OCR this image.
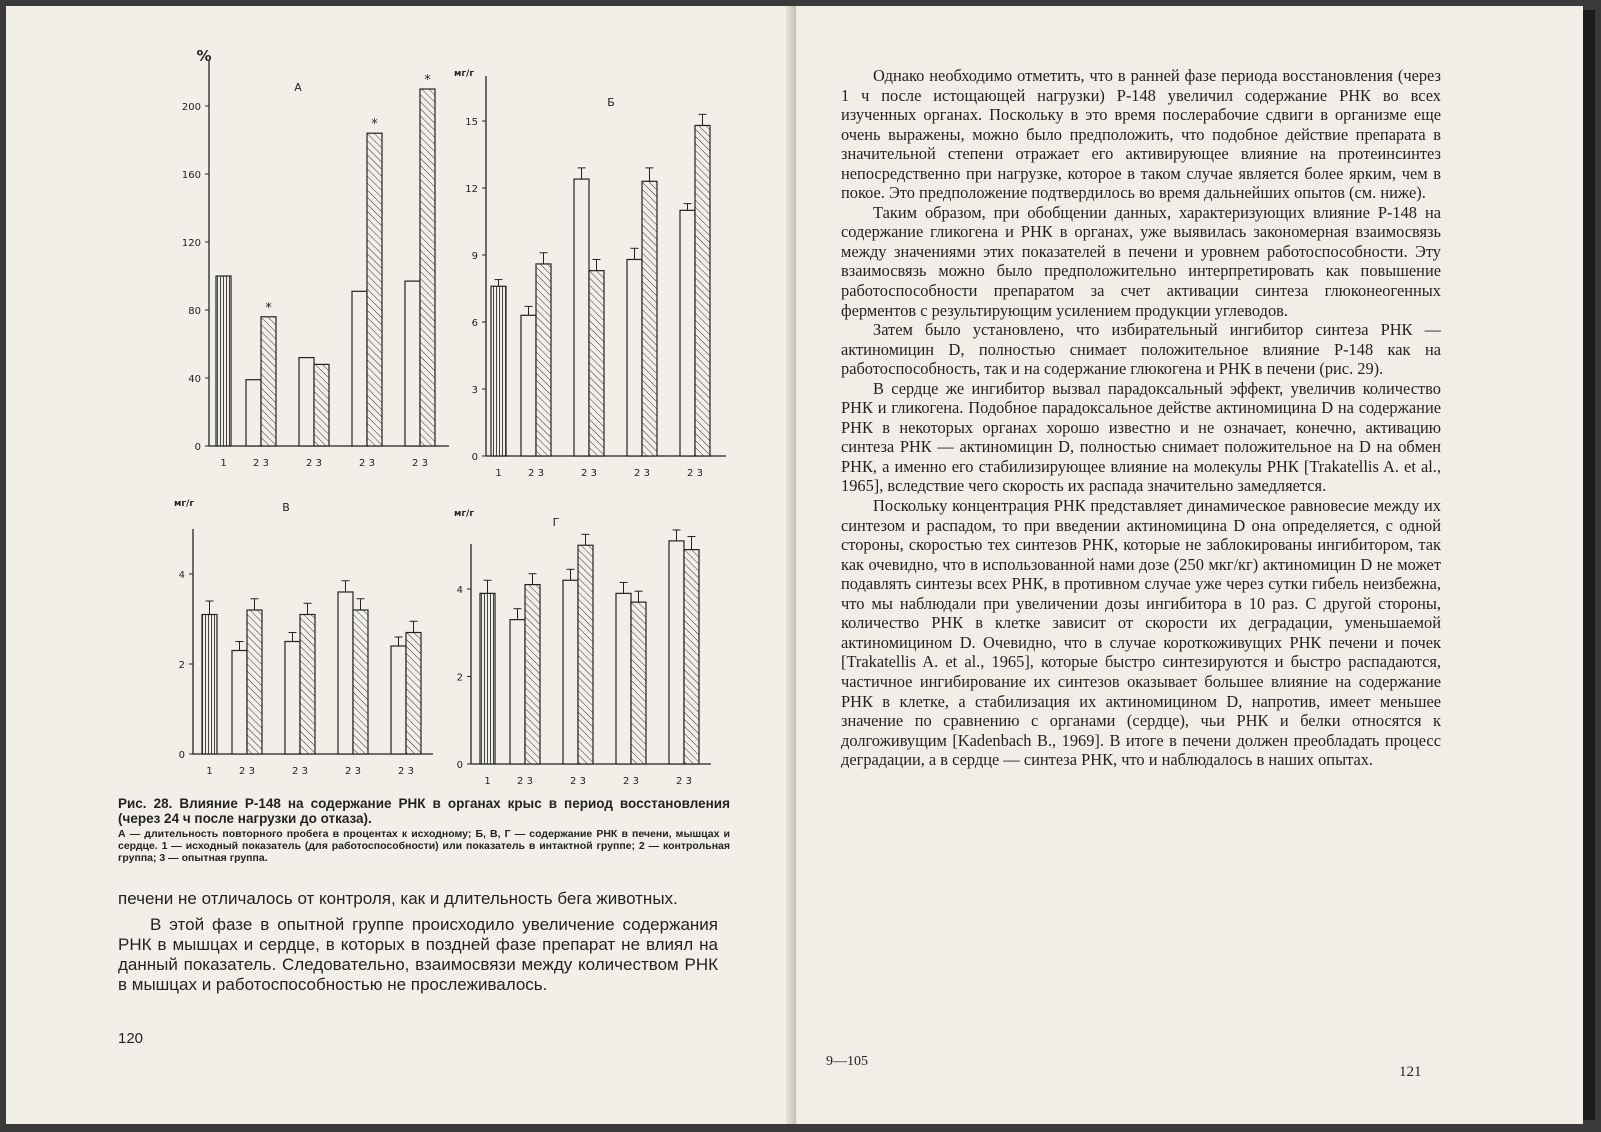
0
40
80
120
160
200
%
А
*
*
*
1	2 3	2 3	2 3	2 3
0
3
6
9
12
15
мг/г
Б
1	2 3	2 3	2 3	2 3
0
2
4
мг/г	В
1	2 3	2 3	2 3	2 3
0
2
4
мг/г
Г
1	2 3	2 3	2 3	2 3
Рис. 28. Влияние Р-148 на содержание РНК в органах крыс в период восстановления (через 24 ч после нагрузки до отказа).
А — длительность повторного пробега в процентах к исходному; Б, В, Г — содержание РНК в печени, мышцах и сердце. 1 — исходный показатель (для работоспособности) или показатель в интактной группе; 2 — контрольная группа; 3 — опытная группа.

печени не отличалось от контроля, как и длительность бега животных.

В этой фазе в опытной группе происходило увеличение содержания РНК в мышцах и сердце, в которых в поздней фазе препарат не влиял на данный показатель. Следовательно, взаимосвязи между количеством РНК в мышцах и работоспособностью не прослеживалось.

120

Однако необходимо отметить, что в ранней фазе периода восстановления (через 1 ч после истощающей нагрузки) Р-148 увеличил содержание РНК во всех изученных органах. Поскольку в это время послерабочие сдвиги в организме еще очень выражены, можно было предположить, что подобное действие препарата в значительной степени отражает его активирующее влияние на протеинсинтез непосредственно при нагрузке, которое в таком случае является более ярким, чем в покое. Это предположение подтвердилось во время дальнейших опытов (см. ниже).

Таким образом, при обобщении данных, характеризующих влияние Р-148 на содержание гликогена и РНК в органах, уже выявилась закономерная взаимосвязь между значениями этих показателей в печени и уровнем работоспособности. Эту взаимосвязь можно было предположительно интерпретировать как повышение работоспособности препаратом за счет активации синтеза глюконеогенных ферментов с результирующим усилением продукции углеводов.

Затем было установлено, что избирательный ингибитор синтеза РНК — актиномицин D, полностью снимает положительное влияние Р-148 как на работоспособность, так и на содержание глюкогена и РНК в печени (рис. 29).

В сердце же ингибитор вызвал парадоксальный эффект, увеличив количество РНК и гликогена. Подобное парадоксальное действе актиномицина D на содержание РНК в некоторых органах хорошо известно и не означает, конечно, активацию синтеза РНК — актиномицин D, полностью снимает положительное на D на обмен РНК, а именно его стабилизирующее влияние на молекулы РНК [Trakatellis A. et al., 1965], вследствие чего скорость их распада значительно замедляется.

Поскольку концентрация РНК представляет динамическое равновесие между их синтезом и распадом, то при введении актиномицина D она определяется, с одной стороны, скоростью тех синтезов РНК, которые не заблокированы ингибитором, так как очевидно, что в использованной нами дозе (250 мкг/кг) актиномицин D не может подавлять синтезы всех РНК, в противном случае уже через сутки гибель неизбежна, что мы наблюдали при увеличении дозы ингибитора в 10 раз. С другой стороны, количество РНК в клетке зависит от скорости их деградации, уменьшаемой актиномицином D. Очевидно, что в случае короткоживущих РНК печени и почек [Trakatellis A. et al., 1965], которые быстро синтезируются и быстро распадаются, частичное ингибирование их синтезов оказывает большее влияние на содержание РНК в клетке, а стабилизация их актиномицином D, напротив, имеет меньшее значение по сравнению с органами (сердце), чьи РНК и белки относятся к долгоживущим [Kadenbach B., 1969]. В итоге в печени должен преобладать процесс деградации, а в сердце — синтеза РНК, что и наблюдалось в наших опытах.

9—105
121
